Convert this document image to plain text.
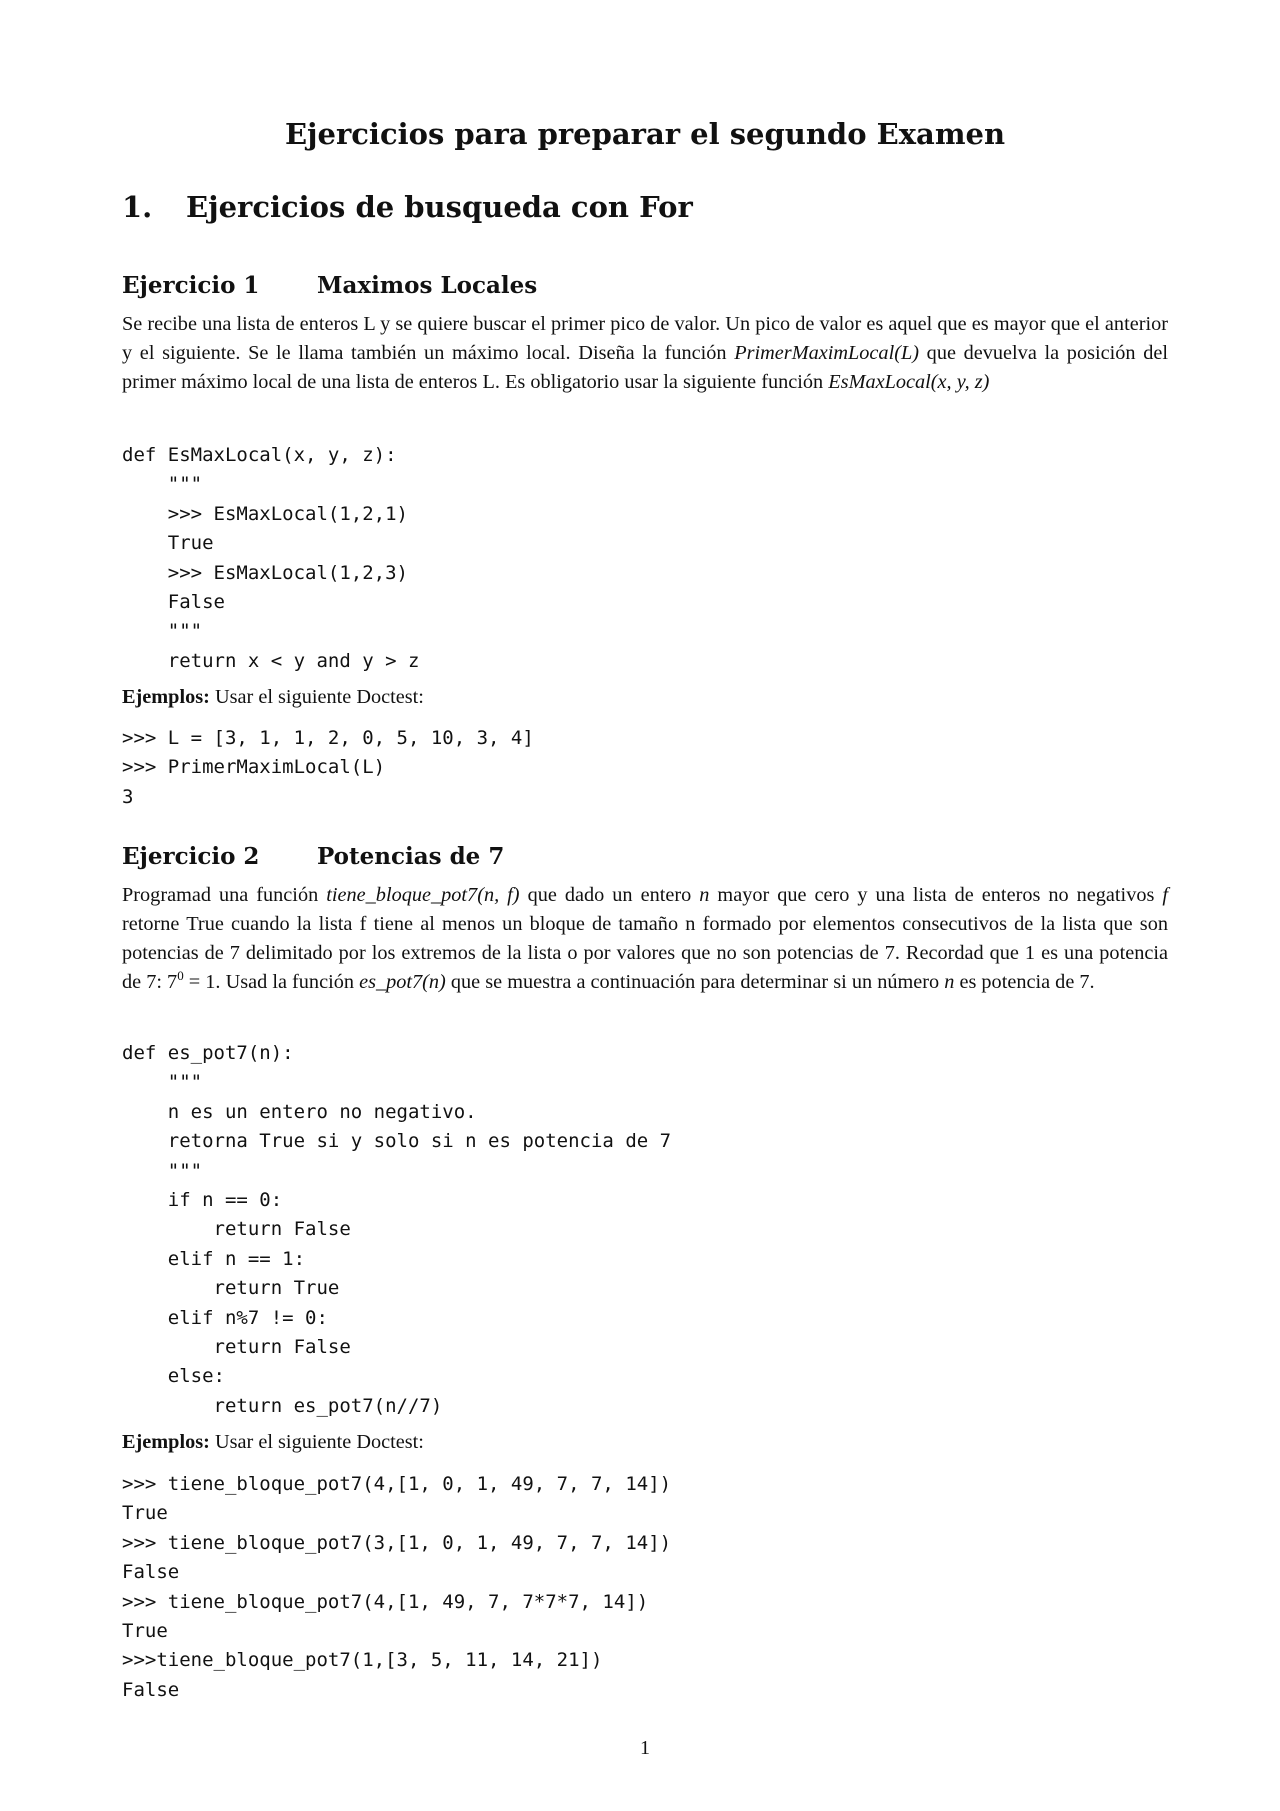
Ejercicios para preparar el segundo Examen
1. Ejercicios de busqueda con For
Ejercicio 1	Maximos Locales

Se recibe una lista de enteros L y se quiere buscar el primer pico de valor. Un pico de valor es aquel que es mayor que el anterior y el siguiente. Se le llama también un máximo local. Diseña la función PrimerMaximLocal(L) que devuelva la posición del primer máximo local de una lista de enteros L. Es obligatorio usar la siguiente función EsMaxLocal(x, y, z)

def EsMaxLocal(x, y, z):
"""
>>> EsMaxLocal(1,2,1)
True
>>> EsMaxLocal(1,2,3)
False
"""
return x < y and y > z

Ejemplos: Usar el siguiente Doctest:

>>> L = [3, 1, 1, 2, 0, 5, 10, 3, 4]
>>> PrimerMaximLocal(L)
3
Ejercicio 2	Potencias de 7

Programad una función tiene_bloque_pot7(n, f) que dado un entero n mayor que cero y una lista de enteros no negativos f retorne True cuando la lista f tiene al menos un bloque de tamaño n formado por elementos consecutivos de la lista que son potencias de 7 delimitado por los extremos de la lista o por valores que no son potencias de 7. Recordad que 1 es una potencia de 7: $7^0 = 1$. Usad la función es_pot7(n) que se muestra a continuación para determinar si un número n es potencia de 7.

def es_pot7(n):
"""
n es un entero no negativo.
retorna True si y solo si n es potencia de 7
"""
if n == 0:
return False
elif n == 1:
return True
elif n%7 != 0:
return False
else:
return es_pot7(n//7)

Ejemplos: Usar el siguiente Doctest:

>>> tiene_bloque_pot7(4,[1, 0, 1, 49, 7, 7, 14])
True
>>> tiene_bloque_pot7(3,[1, 0, 1, 49, 7, 7, 14])
False
>>> tiene_bloque_pot7(4,[1, 49, 7, 7*7*7, 14])
True
>>>tiene_bloque_pot7(1,[3, 5, 11, 14, 21])
False

1
